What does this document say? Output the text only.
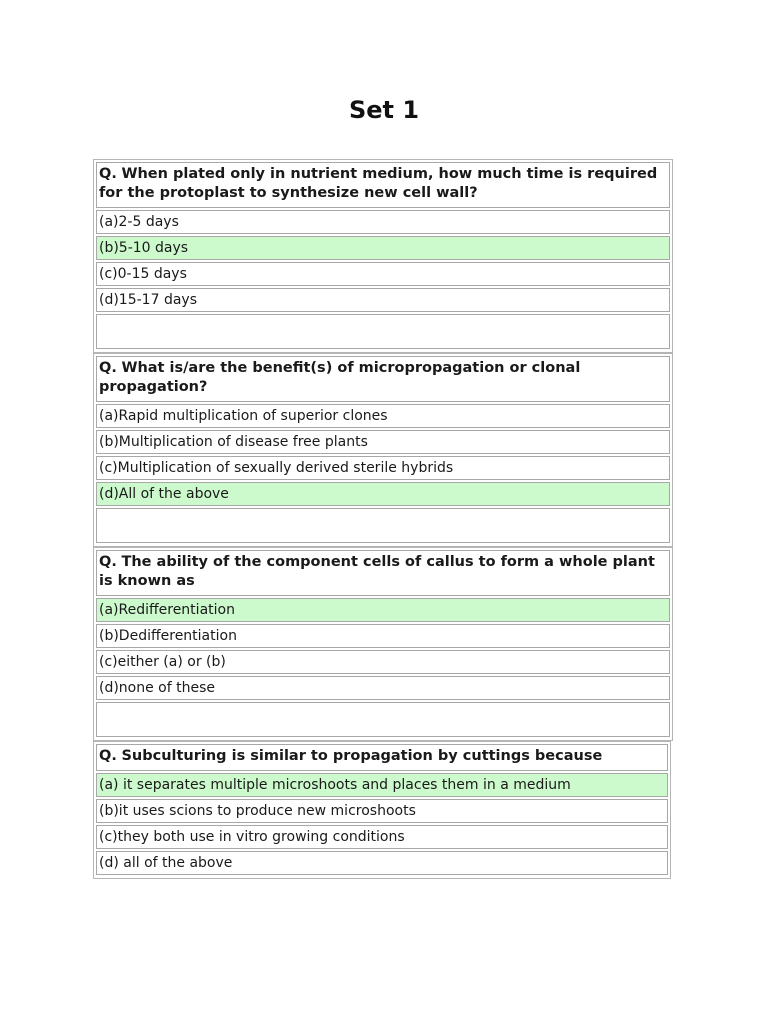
Set 1
Q. When plated only in nutrient medium, how much time is required for the protoplast to synthesize new cell wall?
(a)2-5 days
(b)5-10 days
(c)0-15 days
(d)15-17 days
Q. What is/are the benefit(s) of micropropagation or clonal propagation?
(a)Rapid multiplication of superior clones
(b)Multiplication of disease free plants
(c)Multiplication of sexually derived sterile hybrids
(d)All of the above
Q. The ability of the component cells of callus to form a whole plant is known as
(a)Redifferentiation
(b)Dedifferentiation
(c)either (a) or (b)
(d)none of these
Q. Subculturing is similar to propagation by cuttings because
(a) it separates multiple microshoots and places them in a medium
(b)it uses scions to produce new microshoots
(c)they both use in vitro growing conditions
(d) all of the above
